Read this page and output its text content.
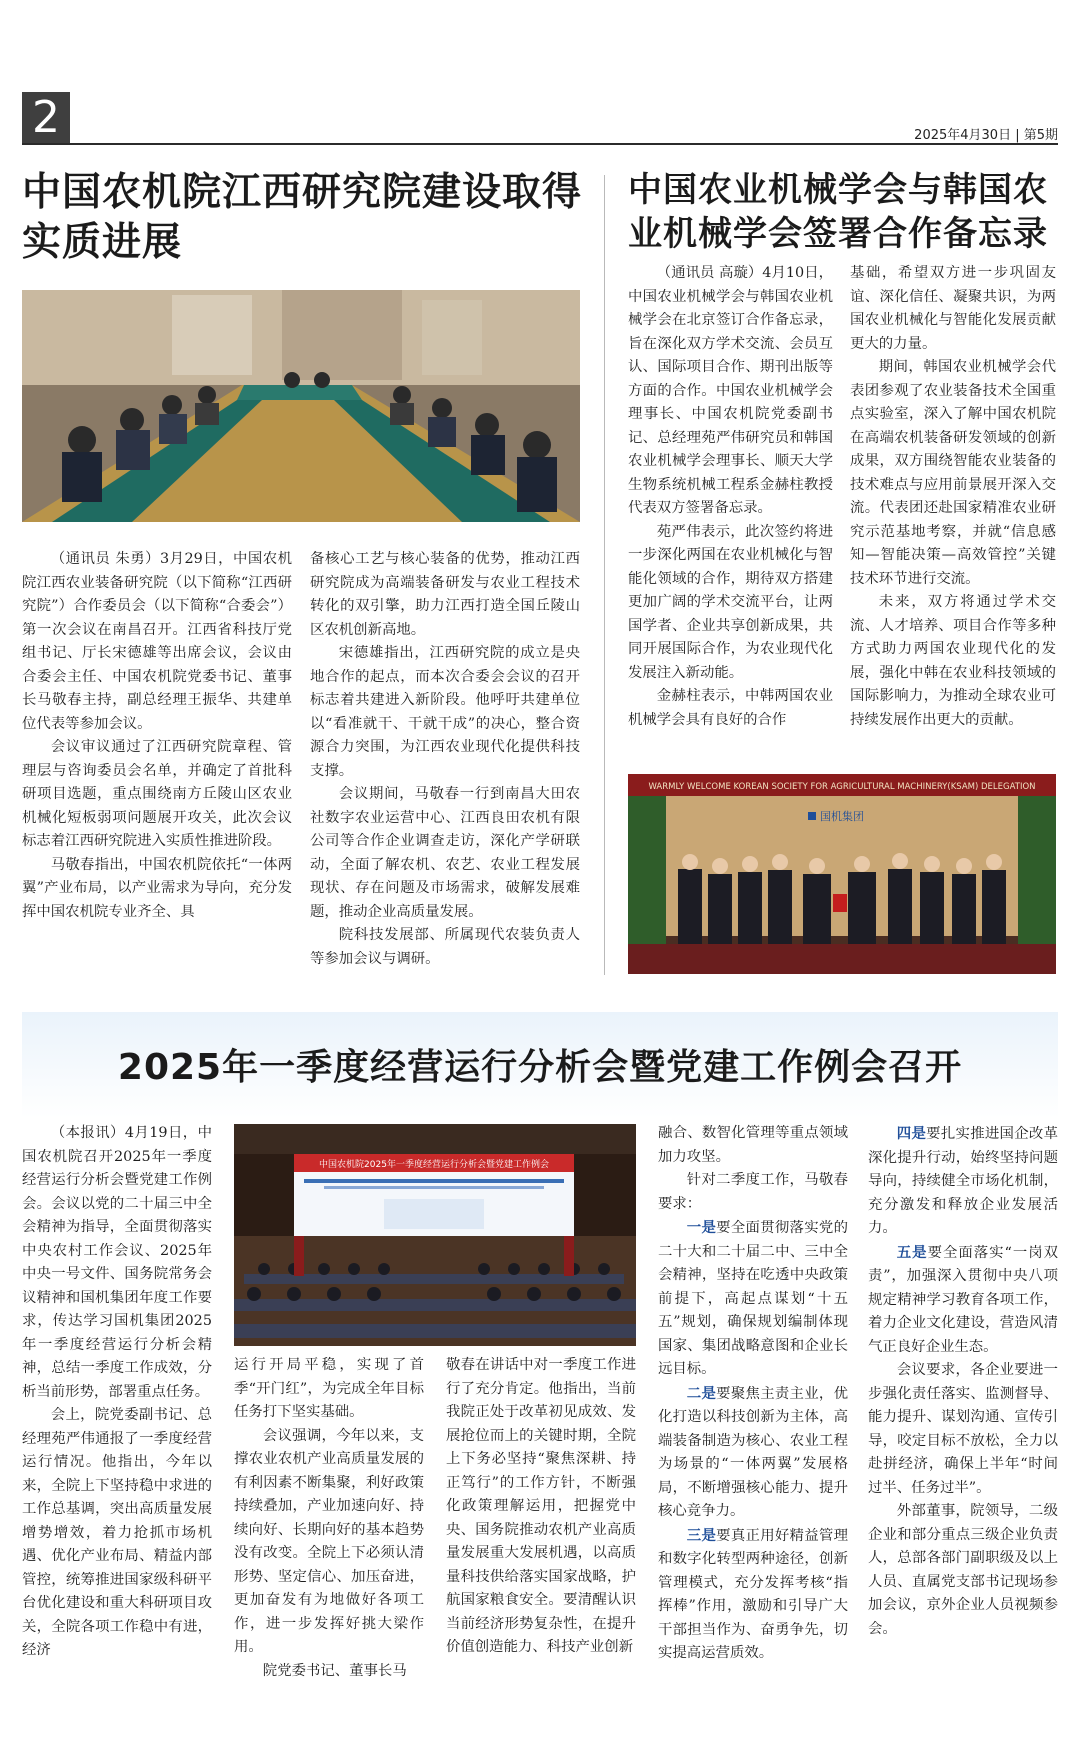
2	2025年4月30日 | 第5期
中国农机院江西研究院建设取得实质进展

（通讯员 朱勇）3月29日，中国农机院江西农业装备研究院（以下简称“江西研究院”）合作委员会（以下简称“合委会”）第一次会议在南昌召开。江西省科技厅党组书记、厅长宋德雄等出席会议，会议由合委会主任、中国农机院党委书记、董事长马敬春主持，副总经理王振华、共建单位代表等参加会议。

会议审议通过了江西研究院章程、管理层与咨询委员会名单，并确定了首批科研项目选题，重点围绕南方丘陵山区农业机械化短板弱项问题展开攻关，此次会议标志着江西研究院进入实质性推进阶段。

马敬春指出，中国农机院依托“一体两翼”产业布局，以产业需求为导向，充分发挥中国农机院专业齐全、具

备核心工艺与核心装备的优势，推动江西研究院成为高端装备研发与农业工程技术转化的双引擎，助力江西打造全国丘陵山区农机创新高地。

宋德雄指出，江西研究院的成立是央地合作的起点，而本次合委会会议的召开标志着共建进入新阶段。他呼吁共建单位以“看准就干、干就干成”的决心，整合资源合力突围，为江西农业现代化提供科技支撑。

会议期间，马敬春一行到南昌大田农社数字农业运营中心、江西良田农机有限公司等合作企业调查走访，深化产学研联动，全面了解农机、农艺、农业工程发展现状、存在问题及市场需求，破解发展难题，推动企业高质量发展。

院科技发展部、所属现代农装负责人等参加会议与调研。

中国农业机械学会与韩国农业机械学会签署合作备忘录

（通讯员 高璇）4月10日，中国农业机械学会与韩国农业机械学会在北京签订合作备忘录，旨在深化双方学术交流、会员互认、国际项目合作、期刊出版等方面的合作。中国农业机械学会理事长、中国农机院党委副书记、总经理苑严伟研究员和韩国农业机械学会理事长、顺天大学生物系统机械工程系金赫柱教授代表双方签署备忘录。

苑严伟表示，此次签约将进一步深化两国在农业机械化与智能化领域的合作，期待双方搭建更加广阔的学术交流平台，让两国学者、企业共享创新成果，共同开展国际合作，为农业现代化发展注入新动能。

金赫柱表示，中韩两国农业机械学会具有良好的合作

基础，希望双方进一步巩固友谊、深化信任、凝聚共识，为两国农业机械化与智能化发展贡献更大的力量。

期间，韩国农业机械学会代表团参观了农业装备技术全国重点实验室，深入了解中国农机院在高端农机装备研发领域的创新成果，双方围绕智能农业装备的技术难点与应用前景展开深入交流。代表团还赴国家精准农业研究示范基地考察，并就“信息感知—智能决策—高效管控”关键技术环节进行交流。

未来，双方将通过学术交流、人才培养、项目合作等多种方式助力两国农业现代化的发展，强化中韩在农业科技领域的国际影响力，为推动全球农业可持续发展作出更大的贡献。

WARMLY WELCOME KOREAN SOCIETY FOR AGRICULTURAL MACHINERY(KSAM) DELEGATION
国机集团
2025年一季度经营运行分析会暨党建工作例会召开

（本报讯）4月19日，中国农机院召开2025年一季度经营运行分析会暨党建工作例会。会议以党的二十届三中全会精神为指导，全面贯彻落实中央农村工作会议、2025年中央一号文件、国务院常务会议精神和国机集团年度工作要求，传达学习国机集团2025年一季度经营运行分析会精神，总结一季度工作成效，分析当前形势，部署重点任务。

会上，院党委副书记、总经理苑严伟通报了一季度经营运行情况。他指出，今年以来，全院上下坚持稳中求进的工作总基调，突出高质量发展增势增效，着力抢抓市场机遇、优化产业布局、精益内部管控，统筹推进国家级科研平台优化建设和重大科研项目攻关，全院各项工作稳中有进，经济

中国农机院2025年一季度经营运行分析会暨党建工作例会

运行开局平稳，实现了首季“开门红”，为完成全年目标任务打下坚实基础。

会议强调，今年以来，支撑农业农机产业高质量发展的有利因素不断集聚，利好政策持续叠加，产业加速向好、持续向好、长期向好的基本趋势没有改变。全院上下必须认清形势、坚定信心、加压奋进，更加奋发有为地做好各项工作，进一步发挥好挑大梁作用。

院党委书记、董事长马

敬春在讲话中对一季度工作进行了充分肯定。他指出，当前我院正处于改革初见成效、发展抢位而上的关键时期，全院上下务必坚持“聚焦深耕、持正笃行”的工作方针，不断强化政策理解运用，把握党中央、国务院推动农机产业高质量发展重大发展机遇，以高质量科技供给落实国家战略，护航国家粮食安全。要清醒认识当前经济形势复杂性，在提升价值创造能力、科技产业创新

融合、数智化管理等重点领域加力攻坚。

针对二季度工作，马敬春要求：

一是要全面贯彻落实党的二十大和二十届二中、三中全会精神，坚持在吃透中央政策前提下，高起点谋划“十五五”规划，确保规划编制体现国家、集团战略意图和企业长远目标。

二是要聚焦主责主业，优化打造以科技创新为主体，高端装备制造为核心、农业工程为场景的“一体两翼”发展格局，不断增强核心能力、提升核心竞争力。

三是要真正用好精益管理和数字化转型两种途径，创新管理模式，充分发挥考核“指挥棒”作用，激励和引导广大干部担当作为、奋勇争先，切实提高运营质效。

四是要扎实推进国企改革深化提升行动，始终坚持问题导向，持续健全市场化机制，充分激发和释放企业发展活力。

五是要全面落实“一岗双责”，加强深入贯彻中央八项规定精神学习教育各项工作，着力企业文化建设，营造风清气正良好企业生态。

会议要求，各企业要进一步强化责任落实、监测督导、能力提升、谋划沟通、宣传引导，咬定目标不放松，全力以赴拼经济，确保上半年“时间过半、任务过半”。

外部董事，院领导，二级企业和部分重点三级企业负责人，总部各部门副职级及以上人员、直属党支部书记现场参加会议，京外企业人员视频参会。
